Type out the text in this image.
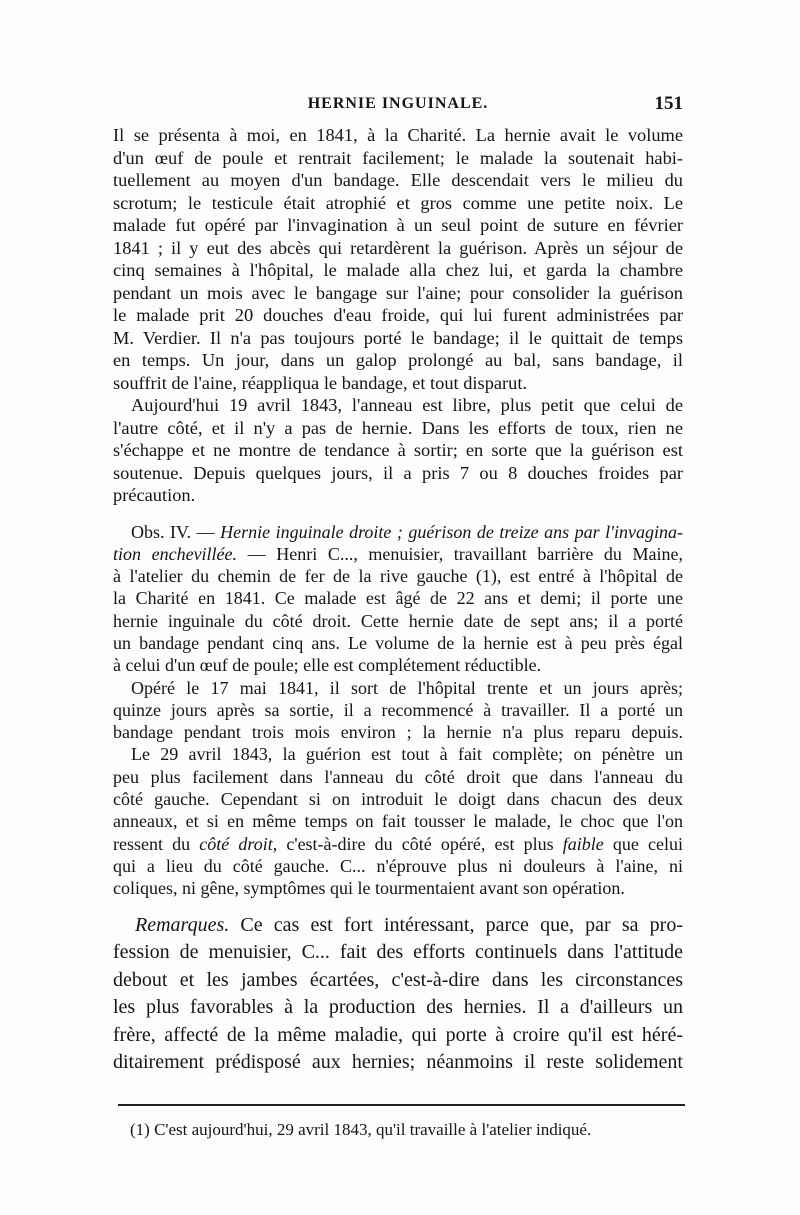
HERNIE INGUINALE.	151
Il se présenta à moi, en 1841, à la Charité. La hernie avait le volume
d'un œuf de poule et rentrait facilement; le malade la soutenait habi-
tuellement au moyen d'un bandage. Elle descendait vers le milieu du
scrotum; le testicule était atrophié et gros comme une petite noix. Le
malade fut opéré par l'invagination à un seul point de suture en février
1841 ; il y eut des abcès qui retardèrent la guérison. Après un séjour de
cinq semaines à l'hôpital, le malade alla chez lui, et garda la chambre
pendant un mois avec le bangage sur l'aine; pour consolider la guérison
le malade prit 20 douches d'eau froide, qui lui furent administrées par
M. Verdier. Il n'a pas toujours porté le bandage; il le quittait de temps
en temps. Un jour, dans un galop prolongé au bal, sans bandage, il
souffrit de l'aine, réappliqua le bandage, et tout disparut.
Aujourd'hui 19 avril 1843, l'anneau est libre, plus petit que celui de
l'autre côté, et il n'y a pas de hernie. Dans les efforts de toux, rien ne
s'échappe et ne montre de tendance à sortir; en sorte que la guérison est
soutenue. Depuis quelques jours, il a pris 7 ou 8 douches froides par
précaution.
Obs. IV. — Hernie inguinale droite ; guérison de treize ans par l'invagina-
tion enchevillée. — Henri C..., menuisier, travaillant barrière du Maine,
à l'atelier du chemin de fer de la rive gauche (1), est entré à l'hôpital de
la Charité en 1841. Ce malade est âgé de 22 ans et demi; il porte une
hernie inguinale du côté droit. Cette hernie date de sept ans; il a porté
un bandage pendant cinq ans. Le volume de la hernie est à peu près égal
à celui d'un œuf de poule; elle est complétement réductible.
Opéré le 17 mai 1841, il sort de l'hôpital trente et un jours après;
quinze jours après sa sortie, il a recommencé à travailler. Il a porté un
bandage pendant trois mois environ ; la hernie n'a plus reparu depuis.
Le 29 avril 1843, la guérion est tout à fait complète; on pénètre un
peu plus facilement dans l'anneau du côté droit que dans l'anneau du
côté gauche. Cependant si on introduit le doigt dans chacun des deux
anneaux, et si en même temps on fait tousser le malade, le choc que l'on
ressent du côté droit, c'est-à-dire du côté opéré, est plus faible que celui
qui a lieu du côté gauche. C... n'éprouve plus ni douleurs à l'aine, ni
coliques, ni gêne, symptômes qui le tourmentaient avant son opération.
Remarques. Ce cas est fort intéressant, parce que, par sa pro-
fession de menuisier, C... fait des efforts continuels dans l'attitude
debout et les jambes écartées, c'est-à-dire dans les circonstances
les plus favorables à la production des hernies. Il a d'ailleurs un
frère, affecté de la même maladie, qui porte à croire qu'il est héré-
ditairement prédisposé aux hernies; néanmoins il reste solidement
(1) C'est aujourd'hui, 29 avril 1843, qu'il travaille à l'atelier indiqué.
